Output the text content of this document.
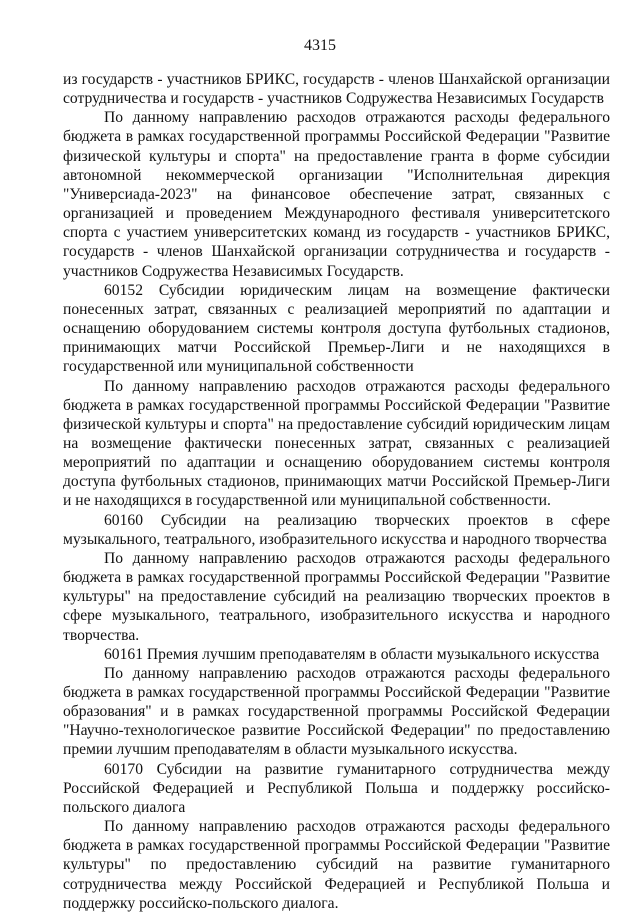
4315

из государств - участников БРИКС, государств - членов Шанхайской организации сотрудничества и государств - участников Содружества Независимых Государств

По данному направлению расходов отражаются расходы федерального бюджета в рамках государственной программы Российской Федерации "Развитие физической культуры и спорта" на предоставление гранта в форме субсидии автономной некоммерческой организации "Исполнительная дирекция "Универсиада-2023" на финансовое обеспечение затрат, связанных с организацией и проведением Международного фестиваля университетского спорта с участием университетских команд из государств - участников БРИКС, государств - членов Шанхайской организации сотрудничества и государств - участников Содружества Независимых Государств.

60152 Субсидии юридическим лицам на возмещение фактически понесенных затрат, связанных с реализацией мероприятий по адаптации и оснащению оборудованием системы контроля доступа футбольных стадионов, принимающих матчи Российской Премьер-Лиги и не находящихся в государственной или муниципальной собственности

По данному направлению расходов отражаются расходы федерального бюджета в рамках государственной программы Российской Федерации "Развитие физической культуры и спорта" на предоставление субсидий юридическим лицам на возмещение фактически понесенных затрат, связанных с реализацией мероприятий по адаптации и оснащению оборудованием системы контроля доступа футбольных стадионов, принимающих матчи Российской Премьер-Лиги и не находящихся в государственной или муниципальной собственности.

60160 Субсидии на реализацию творческих проектов в сфере музыкального, театрального, изобразительного искусства и народного творчества

По данному направлению расходов отражаются расходы федерального бюджета в рамках государственной программы Российской Федерации "Развитие культуры" на предоставление субсидий на реализацию творческих проектов в сфере музыкального, театрального, изобразительного искусства и народного творчества.

60161 Премия лучшим преподавателям в области музыкального искусства

По данному направлению расходов отражаются расходы федерального бюджета в рамках государственной программы Российской Федерации "Развитие образования" и в рамках государственной программы Российской Федерации "Научно-технологическое развитие Российской Федерации" по предоставлению премии лучшим преподавателям в области музыкального искусства.

60170 Субсидии на развитие гуманитарного сотрудничества между Российской Федерацией и Республикой Польша и поддержку российско-польского диалога

По данному направлению расходов отражаются расходы федерального бюджета в рамках государственной программы Российской Федерации "Развитие культуры" по предоставлению субсидий на развитие гуманитарного сотрудничества между Российской Федерацией и Республикой Польша и поддержку российско-польского диалога.
